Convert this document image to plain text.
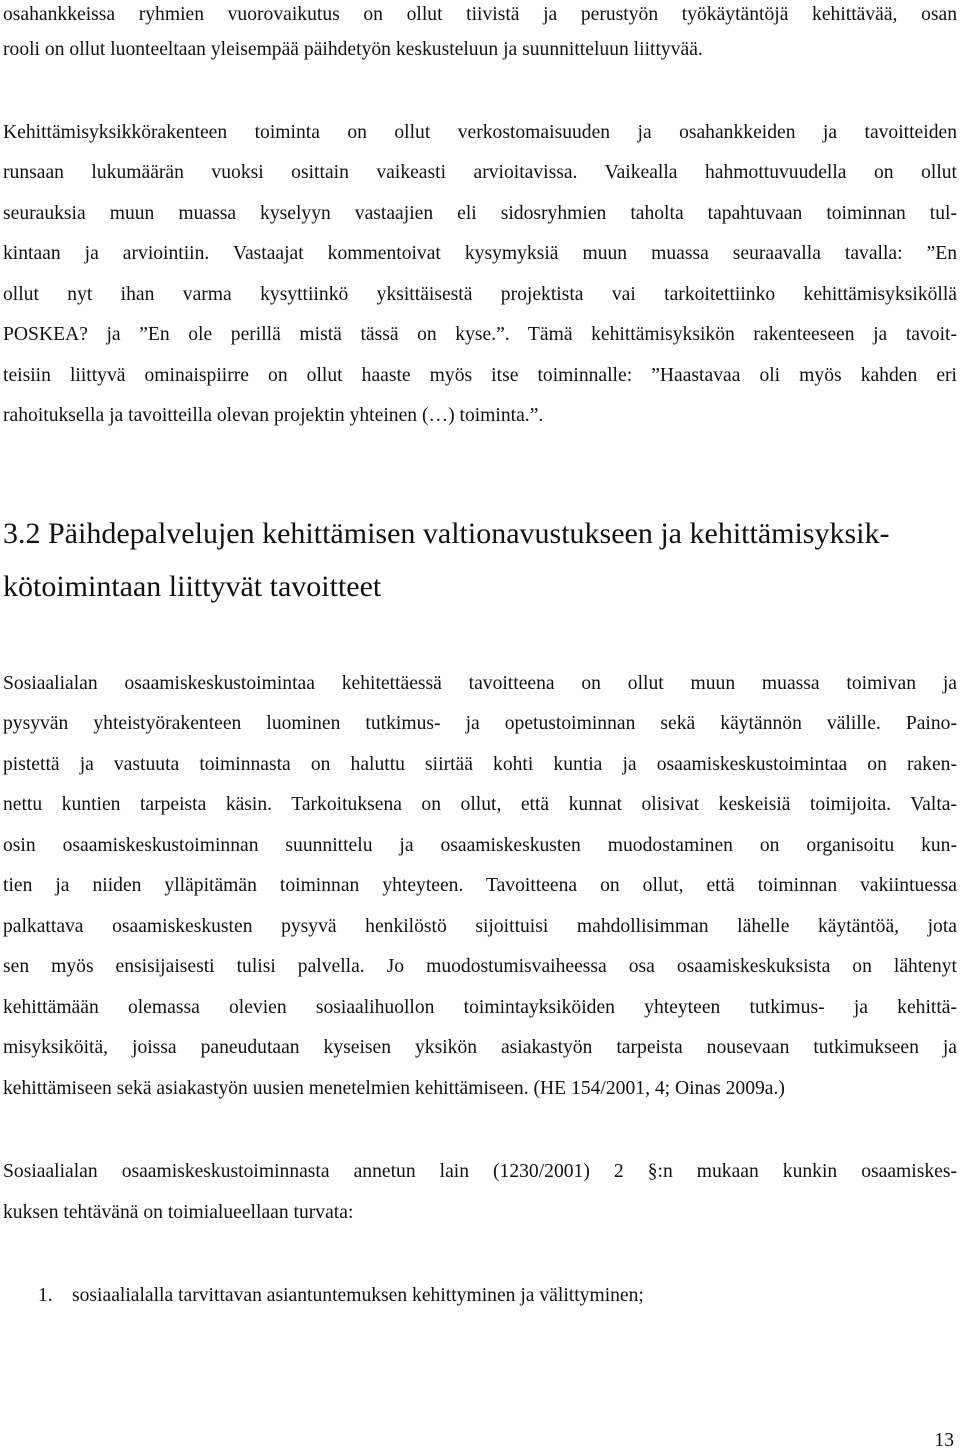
osahankkeissa ryhmien vuorovaikutus on ollut tiivistä ja perustyön työkäytäntöjä kehittävää, osan
rooli on ollut luonteeltaan yleisempää päihdetyön keskusteluun ja suunnitteluun liittyvää.
Kehittämisyksikkörakenteen toiminta on ollut verkostomaisuuden ja osahankkeiden ja tavoitteiden
runsaan lukumäärän vuoksi osittain vaikeasti arvioitavissa. Vaikealla hahmottuvuudella on ollut
seurauksia muun muassa kyselyyn vastaajien eli sidosryhmien taholta tapahtuvaan toiminnan tul-
kintaan ja arviointiin. Vastaajat kommentoivat kysymyksiä muun muassa seuraavalla tavalla: ”En
ollut nyt ihan varma kysyttiinkö yksittäisestä projektista vai tarkoitettiinko kehittämisyksiköllä
POSKEA? ja ”En ole perillä mistä tässä on kyse.”. Tämä kehittämisyksikön rakenteeseen ja tavoit-
teisiin liittyvä ominaispiirre on ollut haaste myös itse toiminnalle: ”Haastavaa oli myös kahden eri
rahoituksella ja tavoitteilla olevan projektin yhteinen (…) toiminta.”.
3.2 Päihdepalvelujen kehittämisen valtionavustukseen ja kehittämisyksik-
kötoimintaan liittyvät tavoitteet
Sosiaalialan osaamiskeskustoimintaa kehitettäessä tavoitteena on ollut muun muassa toimivan ja
pysyvän yhteistyörakenteen luominen tutkimus- ja opetustoiminnan sekä käytännön välille. Paino-
pistettä ja vastuuta toiminnasta on haluttu siirtää kohti kuntia ja osaamiskeskustoimintaa on raken-
nettu kuntien tarpeista käsin. Tarkoituksena on ollut, että kunnat olisivat keskeisiä toimijoita. Valta-
osin osaamiskeskustoiminnan suunnittelu ja osaamiskeskusten muodostaminen on organisoitu kun-
tien ja niiden ylläpitämän toiminnan yhteyteen. Tavoitteena on ollut, että toiminnan vakiintuessa
palkattava osaamiskeskusten pysyvä henkilöstö sijoittuisi mahdollisimman lähelle käytäntöä, jota
sen myös ensisijaisesti tulisi palvella. Jo muodostumisvaiheessa osa osaamiskeskuksista on lähtenyt
kehittämään olemassa olevien sosiaalihuollon toimintayksiköiden yhteyteen tutkimus- ja kehittä-
misyksiköitä, joissa paneudutaan kyseisen yksikön asiakastyön tarpeista nousevaan tutkimukseen ja
kehittämiseen sekä asiakastyön uusien menetelmien kehittämiseen. (HE 154/2001, 4; Oinas 2009a.)
Sosiaalialan osaamiskeskustoiminnasta annetun lain (1230/2001) 2 §:n mukaan kunkin osaamiskes-
kuksen tehtävänä on toimialueellaan turvata:
1. sosiaalialalla tarvittavan asiantuntemuksen kehittyminen ja välittyminen;
13
